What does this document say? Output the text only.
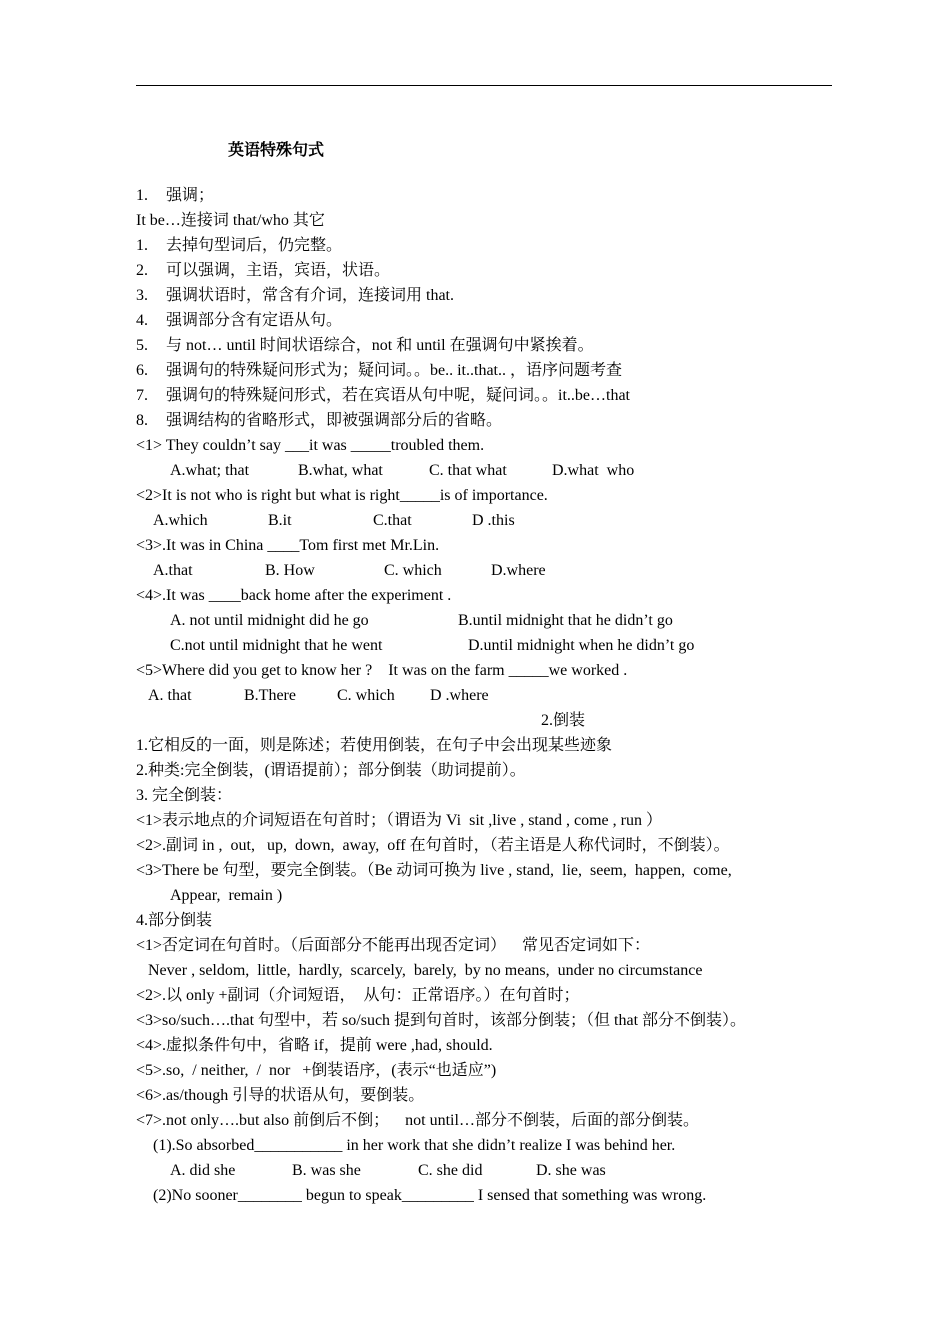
英语特殊句式
1. 强调；
It be…连接词 that/who 其它
1. 去掉句型词后，仍完整。
2. 可以强调，主语，宾语，状语。
3. 强调状语时，常含有介词，连接词用 that.
4. 强调部分含有定语从句。
5. 与 not… until 时间状语综合，not 和 until 在强调句中紧挨着。
6. 强调句的特殊疑问形式为；疑问词。。be.. it..that.. ，语序问题考查
7. 强调句的特殊疑问形式，若在宾语从句中呢，疑问词。。it..be…that
8. 强调结构的省略形式，即被强调部分后的省略。
<1> They couldn’t say ___it was _____troubled them.
A.what; that	B.what, what	C. that what	D.what  who
<2>It is not who is right but what is right_____is of importance.
A.which	B.it	C.that	D .this
<3>.It was in China ____Tom first met Mr.Lin.
A.that	B. How	C. which	D.where
<4>.It was ____back home after the experiment .
A. not until midnight did he go	B.until midnight that he didn’t go
C.not until midnight that he went	D.until midnight when he didn’t go
<5>Where did you get to know her ?    It was on the farm _____we worked .
A. that	B.There	C. which D .where
2.倒装
1.它相反的一面，则是陈述；若使用倒装，在句子中会出现某些迹象
2.种类:完全倒装，(谓语提前）；部分倒装（助词提前）。
3. 完全倒装：
<1>表示地点的介词短语在句首时；（谓语为 Vi  sit ,live , stand , come , run ）
<2>.副词 in ,  out,   up,  down,  away,  off 在句首时，（若主语是人称代词时，不倒装）。
<3>There be 句型，要完全倒装。（Be 动词可换为 live , stand,  lie,  seem,  happen,  come,
Appear,  remain )
4.部分倒装
<1>否定词在句首时。（后面部分不能再出现否定词）    常见否定词如下：
Never , seldom,  little,  hardly,  scarcely,  barely,  by no means,  under no circumstance
<2>.以 only +副词（介词短语，  从句：正常语序。）在句首时；
<3>so/such….that 句型中，若 so/such 提到句首时，该部分倒装；（但 that 部分不倒装）。
<4>.虚拟条件句中，省略 if，提前 were ,had, should.
<5>.so,  / neither,  /  nor   +倒装语序，(表示“也适应”)
<6>.as/though 引导的状语从句，要倒装。
<7>.not only….but also 前倒后不倒；    not until…部分不倒装，后面的部分倒装。
(1).So absorbed___________ in her work that she didn’t realize I was behind her.
A. did she	B. was she	C. she did	D. she was
(2)No sooner________ begun to speak_________ I sensed that something was wrong.
